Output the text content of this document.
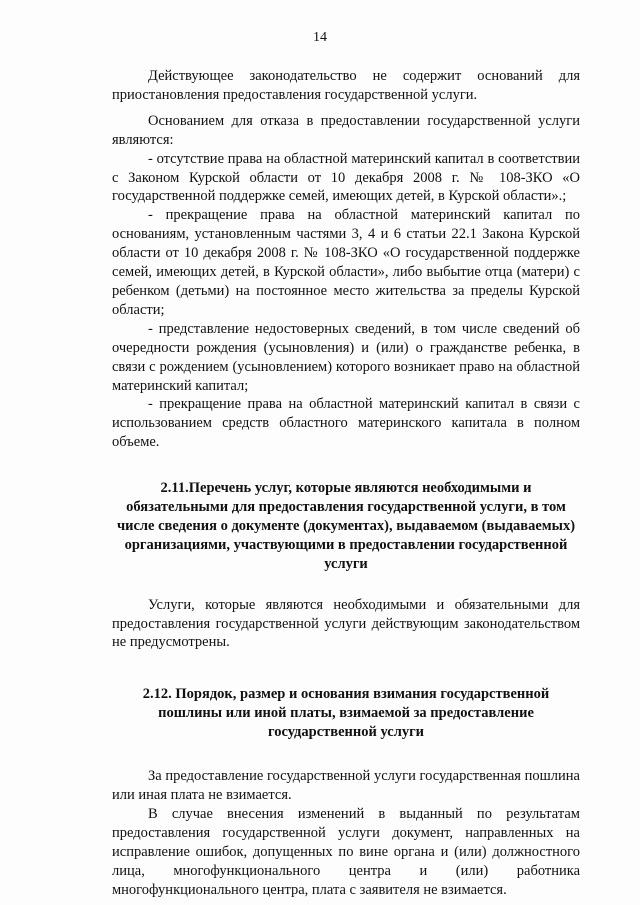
14

Действующее законодательство не содержит оснований для приостановления предоставления государственной услуги.

Основанием для отказа в предоставлении государственной услуги являются:

- отсутствие права на областной материнский капитал в соответствии с Законом Курской области от 10 декабря 2008 г. № 108-ЗКО «О государственной поддержке семей, имеющих детей, в Курской области».;

- прекращение права на областной материнский капитал по основаниям, установленным частями 3, 4 и 6 статьи 22.1 Закона Курской области от 10 декабря 2008 г. № 108-ЗКО «О государственной поддержке семей, имеющих детей, в Курской области», либо выбытие отца (матери) с ребенком (детьми) на постоянное место жительства за пределы Курской области;

- представление недостоверных сведений, в том числе сведений об очередности рождения (усыновления) и (или) о гражданстве ребенка, в связи с рождением (усыновлением) которого возникает право на областной материнский капитал;

- прекращение права на областной материнский капитал в связи с использованием средств областного материнского капитала в полном объеме.

2.11.Перечень услуг, которые являются необходимыми и обязательными для предоставления государственной услуги, в том числе сведения о документе (документах), выдаваемом (выдаваемых) организациями, участвующими в предоставлении государственной услуги

Услуги, которые являются необходимыми и обязательными для предоставления государственной услуги действующим законодательством не предусмотрены.

2.12. Порядок, размер и основания взимания государственной пошлины или иной платы, взимаемой за предоставление государственной услуги

За предоставление государственной услуги государственная пошлина или иная плата не взимается.

В случае внесения изменений в выданный по результатам предоставления государственной услуги документ, направленных на исправление ошибок, допущенных по вине органа и (или) должностного лица, многофункционального центра и (или) работника многофункционального центра, плата с заявителя не взимается.
